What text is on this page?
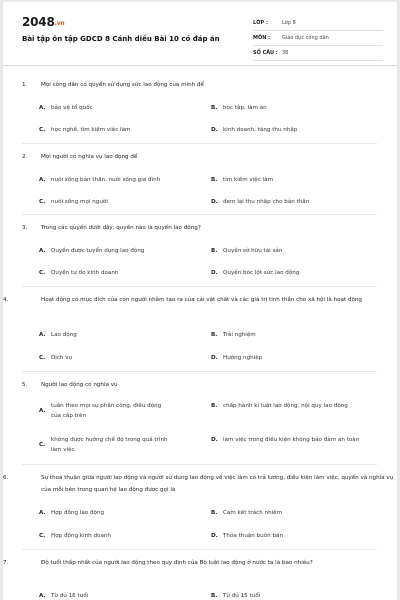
2048.vn
Bài tập ôn tập GDCD 8 Cánh diều Bài 10 có đáp án
LỚP :	Lớp 8
MÔN :	Giáo dục công dân
SỐ CÂU : 38
1. Mọi công dân có quyền sử dụng sức lao động của mình để
A. bảo vệ tổ quốc	B.	học tập, làm ăn
C.	học nghề, tìm kiếm việc làm	D. kinh doanh, tăng thu nhập
2. Mọi người có nghĩa vụ lao động để
A. nuôi sống bản thân, nuôi sống gia đình	B.	tìm kiếm việc làm
C.	nuôi sống mọi người	D. đem lại thu nhập cho bản thân
3. Trong các quyền dưới đây, quyền nào là quyền lao động?
A. Quyền được tuyển dụng lao động	B.	Quyền sở hữu tài sản
C.	Quyền tự do kinh doanh	D. Quyền bóc lột sức lao động
4.	Hoạt động có mục đích của con người nhằm tạo ra của cải vật chất và các giá trị tinh thần cho xã hội là hoạt động
A. Lao động	B.	Trải nghiệm
C.	Dịch vụ	D. Hướng nghiệp
5. Người lao động có nghĩa vụ
A.
tuân theo mọi sự phân công, điều động của cấp trên
B.	chấp hành kỉ luật lao động, nội quy lao động
C.
không được hưởng chế độ trong quá trình làm việc
D. làm việc trong điều kiện không bảo đảm an toàn
6.	Sự thoả thuận giữa người lao động và người sử dụng lao động về việc làm có trả lương, điều kiện làm việc, quyền và nghĩa vụ của mỗi bên trong quan hệ lao động được gọi là
A. Hợp đồng lao động	B.	Cam kết trách nhiệm
C.	Hợp đồng kinh doanh	D. Thỏa thuận buôn bán
7.	Độ tuổi thấp nhất của người lao động theo quy định của Bộ luật lao động ở nước ta là bao nhiêu?
A. Từ đủ 16 tuổi	B.	Từ đủ 15 tuổi
